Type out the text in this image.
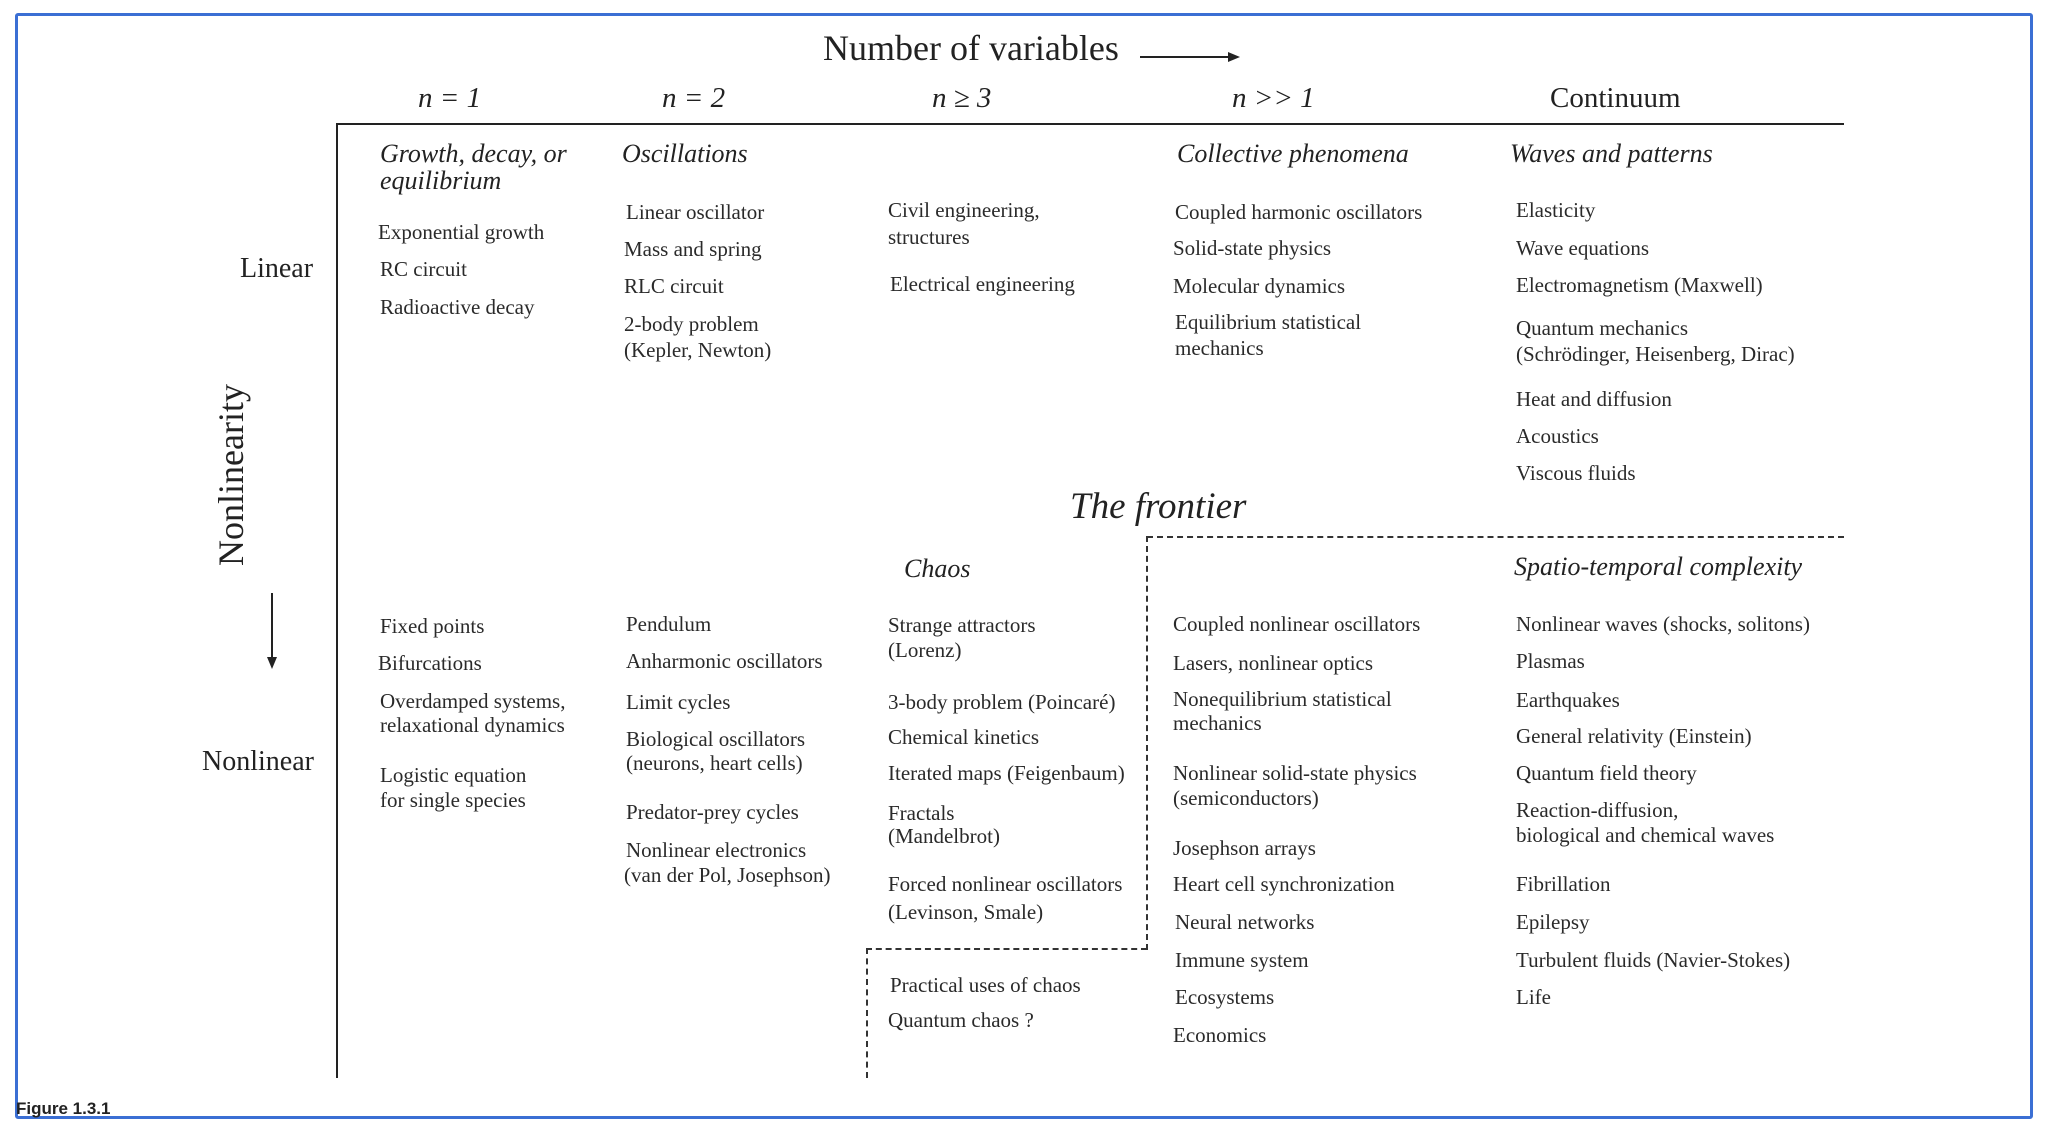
Number of variables
n = 1	n = 2	n ≥ 3	n >> 1	Continuum
Linear
Nonlinear
Nonlinearity
Growth, decay, or
equilibrium
Exponential growth
RC circuit
Radioactive decay
Oscillations
Linear oscillator
Mass and spring
RLC circuit
2-body problem
(Kepler, Newton)
Civil engineering,
structures
Electrical engineering
Collective phenomena
Coupled harmonic oscillators
Solid-state physics
Molecular dynamics
Equilibrium statistical
mechanics
Waves and patterns
Elasticity
Wave equations
Electromagnetism (Maxwell)
Quantum mechanics
(Schrödinger, Heisenberg, Dirac)
Heat and diffusion
Acoustics
Viscous fluids
The frontier
Fixed points
Bifurcations
Overdamped systems,
relaxational dynamics
Logistic equation
for single species
Pendulum
Anharmonic oscillators
Limit cycles
Biological oscillators
(neurons, heart cells)
Predator-prey cycles
Nonlinear electronics
(van der Pol, Josephson)
Chaos
Strange attractors
(Lorenz)
3-body problem (Poincaré)
Chemical kinetics
Iterated maps (Feigenbaum)
Fractals
(Mandelbrot)
Forced nonlinear oscillators
(Levinson, Smale)
Practical uses of chaos
Quantum chaos ?
Coupled nonlinear oscillators
Lasers, nonlinear optics
Nonequilibrium statistical
mechanics
Nonlinear solid-state physics
(semiconductors)
Josephson arrays
Heart cell synchronization
Neural networks
Immune system
Ecosystems
Economics
Spatio-temporal complexity
Nonlinear waves (shocks, solitons)
Plasmas
Earthquakes
General relativity (Einstein)
Quantum field theory
Reaction-diffusion,
biological and chemical waves
Fibrillation
Epilepsy
Turbulent fluids (Navier-Stokes)
Life
Figure 1.3.1
